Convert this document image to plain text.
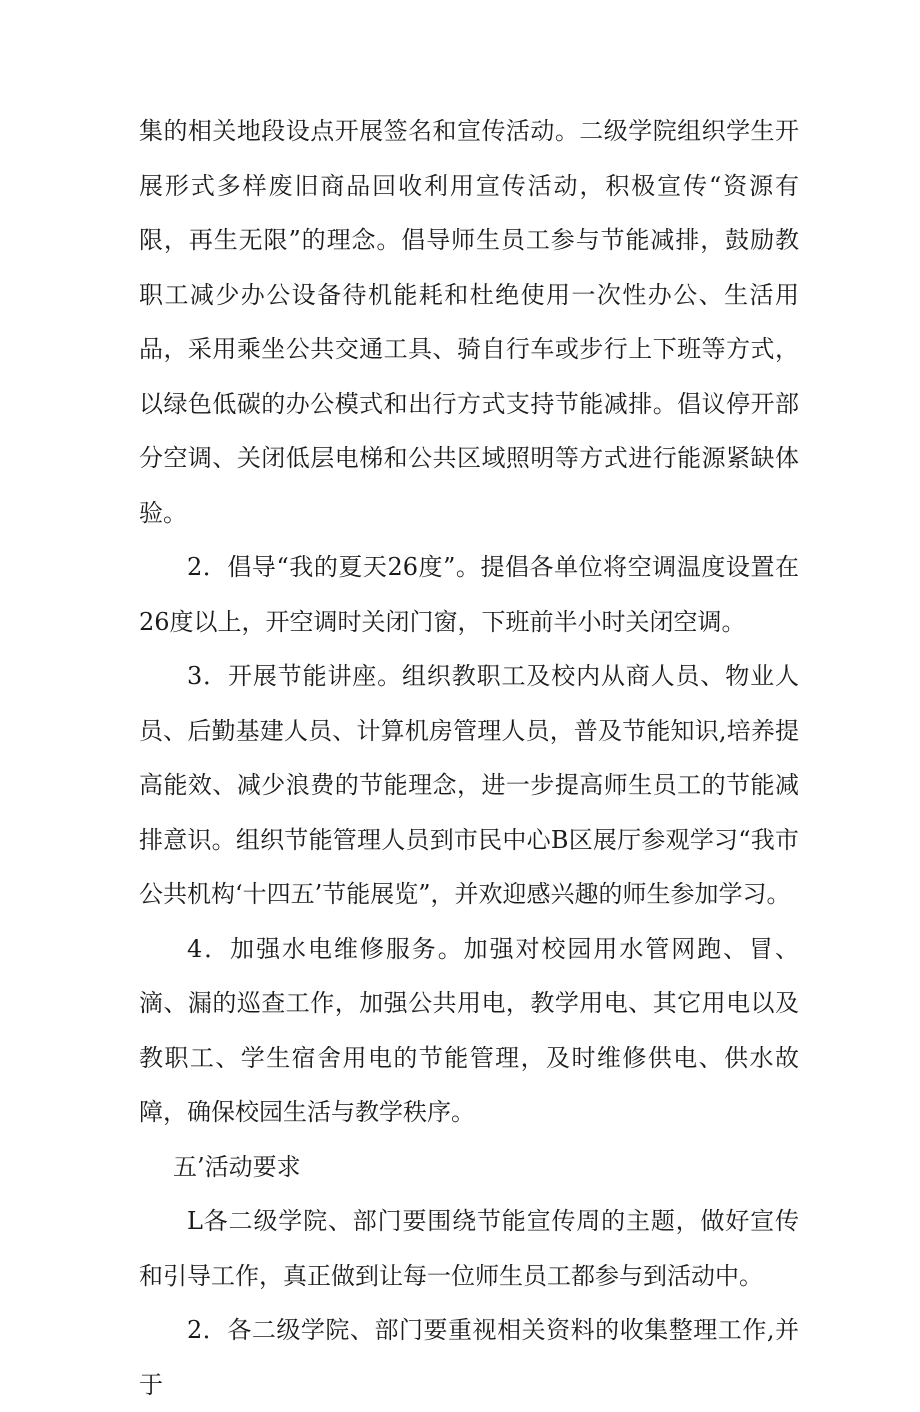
集的相关地段设点开展签名和宣传活动。二级学院组织学生开展形式多样废旧商品回收利用宣传活动，积极宣传“资源有限，再生无限”的理念。倡导师生员工参与节能减排，鼓励教职工减少办公设备待机能耗和杜绝使用一次性办公、生活用品，采用乘坐公共交通工具、骑自行车或步行上下班等方式，以绿色低碳的办公模式和出行方式支持节能减排。倡议停开部分空调、关闭低层电梯和公共区域照明等方式进行能源紧缺体验。

2．倡导“我的夏天26度”。提倡各单位将空调温度设置在26度以上，开空调时关闭门窗，下班前半小时关闭空调。

3．开展节能讲座。组织教职工及校内从商人员、物业人员、后勤基建人员、计算机房管理人员，普及节能知识,培养提高能效、减少浪费的节能理念，进一步提高师生员工的节能减排意识。组织节能管理人员到市民中心B区展厅参观学习“我市公共机构‘十四五’节能展览”，并欢迎感兴趣的师生参加学习。

4．加强水电维修服务。加强对校园用水管网跑、冒、滴、漏的巡查工作，加强公共用电，教学用电、其它用电以及教职工、学生宿舍用电的节能管理，及时维修供电、供水故障，确保校园生活与教学秩序。

五’活动要求

L各二级学院、部门要围绕节能宣传周的主题，做好宣传和引导工作，真正做到让每一位师生员工都参与到活动中。

2．各二级学院、部门要重视相关资料的收集整理工作,并于
